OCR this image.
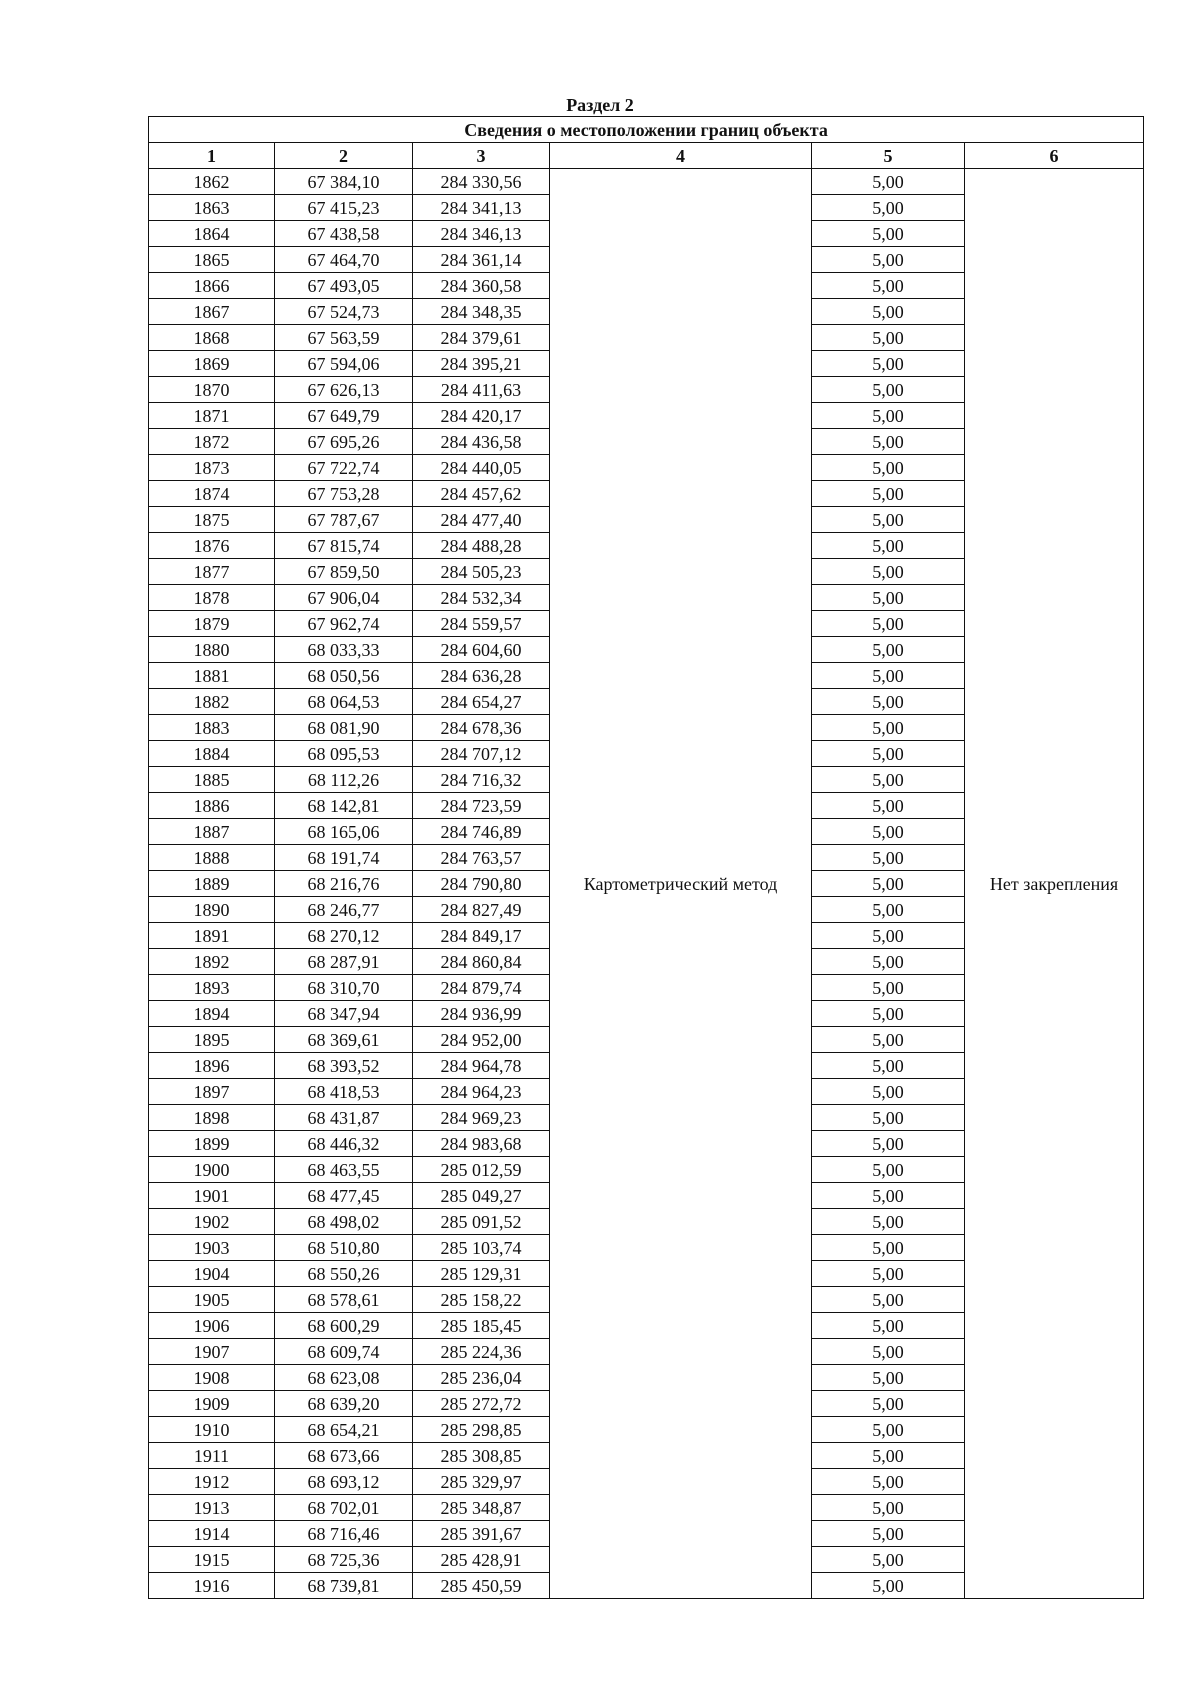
Раздел 2
Сведения о местоположении границ объекта					
1	2	3	4	5	6
1862	67 384,10	284 330,56	Картометрический метод	5,00	Нет закрепления
1863	67 415,23	284 341,13		5,00	
1864	67 438,58	284 346,13		5,00	
1865	67 464,70	284 361,14		5,00	
1866	67 493,05	284 360,58		5,00	
1867	67 524,73	284 348,35		5,00	
1868	67 563,59	284 379,61		5,00	
1869	67 594,06	284 395,21		5,00	
1870	67 626,13	284 411,63		5,00	
1871	67 649,79	284 420,17		5,00	
1872	67 695,26	284 436,58		5,00	
1873	67 722,74	284 440,05		5,00	
1874	67 753,28	284 457,62		5,00	
1875	67 787,67	284 477,40		5,00	
1876	67 815,74	284 488,28		5,00	
1877	67 859,50	284 505,23		5,00	
1878	67 906,04	284 532,34		5,00	
1879	67 962,74	284 559,57		5,00	
1880	68 033,33	284 604,60		5,00	
1881	68 050,56	284 636,28		5,00	
1882	68 064,53	284 654,27		5,00	
1883	68 081,90	284 678,36		5,00	
1884	68 095,53	284 707,12		5,00	
1885	68 112,26	284 716,32		5,00	
1886	68 142,81	284 723,59		5,00	
1887	68 165,06	284 746,89		5,00	
1888	68 191,74	284 763,57		5,00	
1889	68 216,76	284 790,80		5,00	
1890	68 246,77	284 827,49		5,00	
1891	68 270,12	284 849,17		5,00	
1892	68 287,91	284 860,84		5,00	
1893	68 310,70	284 879,74		5,00	
1894	68 347,94	284 936,99		5,00	
1895	68 369,61	284 952,00		5,00	
1896	68 393,52	284 964,78		5,00	
1897	68 418,53	284 964,23		5,00	
1898	68 431,87	284 969,23		5,00	
1899	68 446,32	284 983,68		5,00	
1900	68 463,55	285 012,59		5,00	
1901	68 477,45	285 049,27		5,00	
1902	68 498,02	285 091,52		5,00	
1903	68 510,80	285 103,74		5,00	
1904	68 550,26	285 129,31		5,00	
1905	68 578,61	285 158,22		5,00	
1906	68 600,29	285 185,45		5,00	
1907	68 609,74	285 224,36		5,00	
1908	68 623,08	285 236,04		5,00	
1909	68 639,20	285 272,72		5,00	
1910	68 654,21	285 298,85		5,00	
1911	68 673,66	285 308,85		5,00	
1912	68 693,12	285 329,97		5,00	
1913	68 702,01	285 348,87		5,00	
1914	68 716,46	285 391,67		5,00	
1915	68 725,36	285 428,91		5,00	
1916	68 739,81	285 450,59		5,00	
